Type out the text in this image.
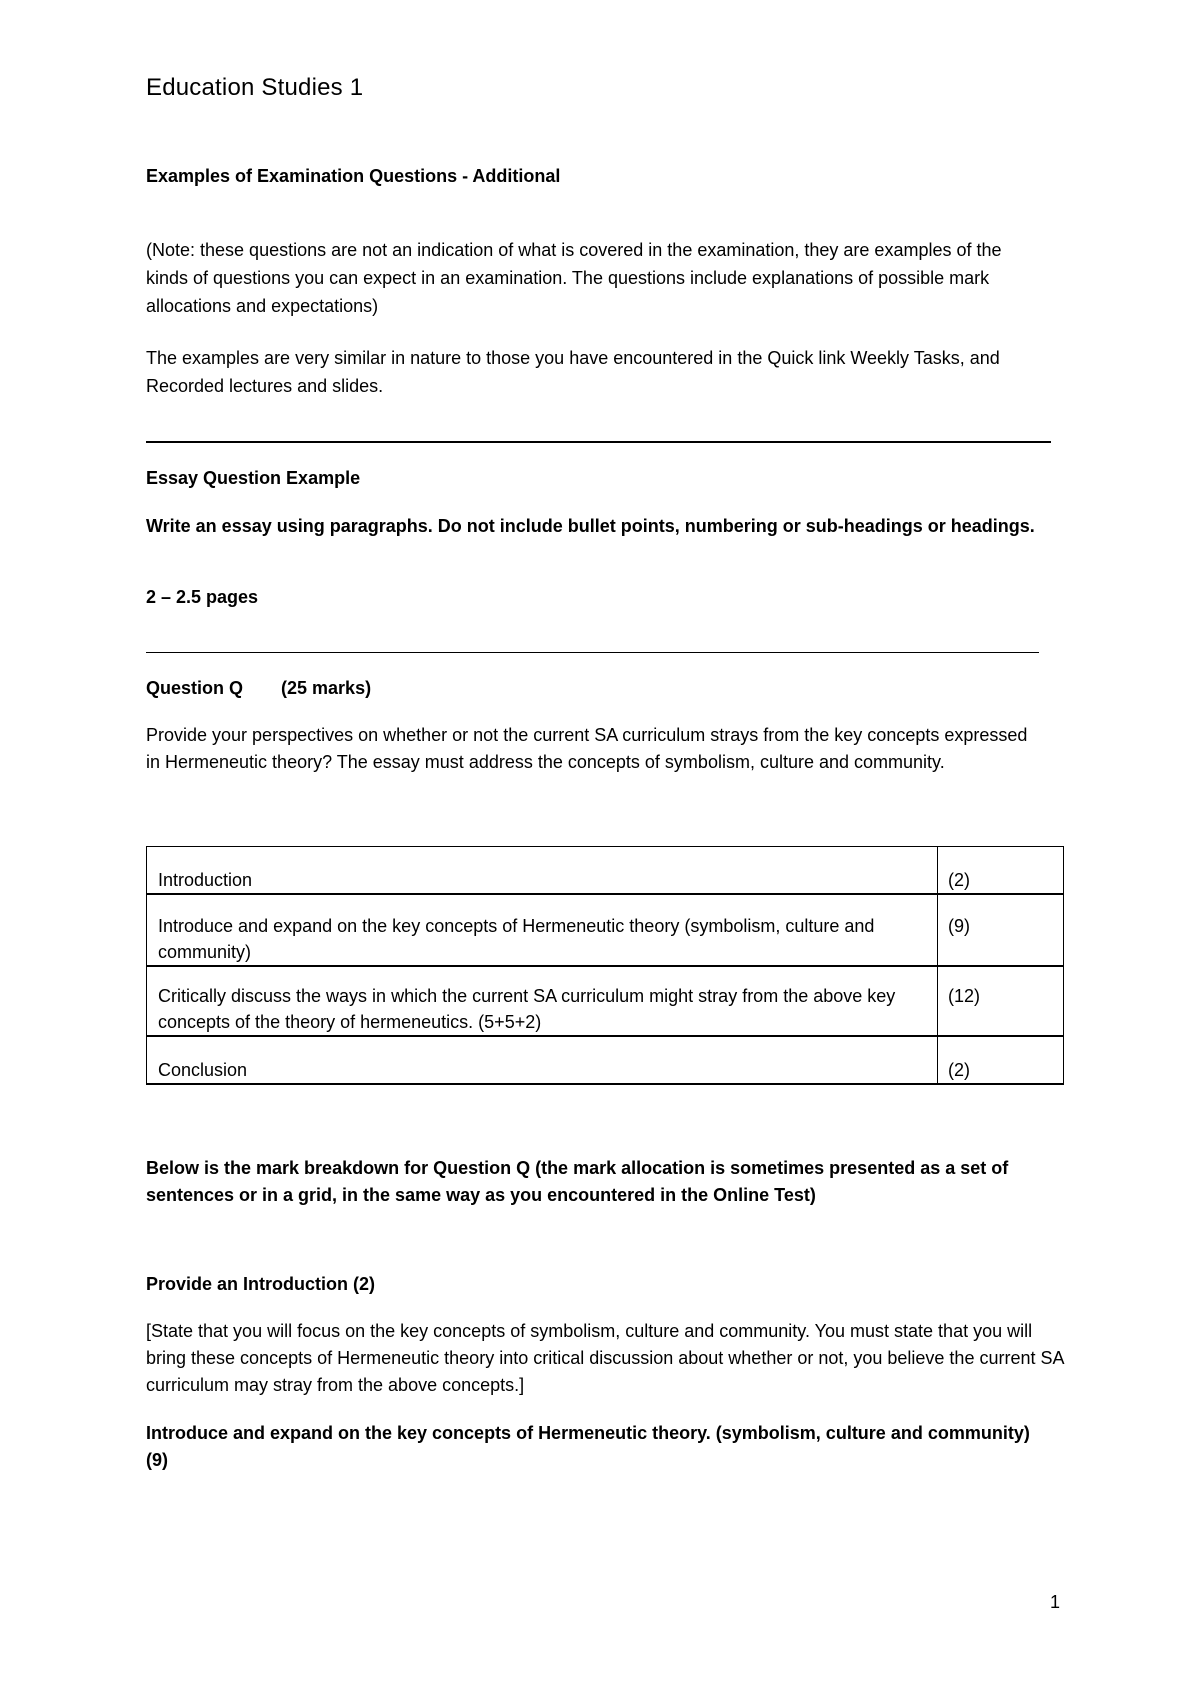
Education Studies 1
Examples of Examination Questions - Additional
(Note: these questions are not an indication of what is covered in the examination, they are examples of the kinds of questions you can expect in an examination. The questions include explanations of possible mark allocations and expectations)
The examples are very similar in nature to those you have encountered in the Quick link Weekly Tasks, and Recorded lectures and slides.
Essay Question Example
Write an essay using paragraphs. Do not include bullet points, numbering or sub-headings or headings.
2 – 2.5 pages
Question Q (25 marks)
Provide your perspectives on whether or not the current SA curriculum strays from the key concepts expressed in Hermeneutic theory? The essay must address the concepts of symbolism, culture and community.
Introduction	(2)
Introduce and expand on the key concepts of Hermeneutic theory (symbolism, culture and community)	(9)
Critically discuss the ways in which the current SA curriculum might stray from the above key concepts of the theory of hermeneutics. (5+5+2)	(12)
Conclusion	(2)
Below is the mark breakdown for Question Q (the mark allocation is sometimes presented as a set of sentences or in a grid, in the same way as you encountered in the Online Test)
Provide an Introduction (2)
[State that you will focus on the key concepts of symbolism, culture and community. You must state that you will bring these concepts of Hermeneutic theory into critical discussion about whether or not, you believe the current SA curriculum may stray from the above concepts.]
Introduce and expand on the key concepts of Hermeneutic theory. (symbolism, culture and community) (9)
1
